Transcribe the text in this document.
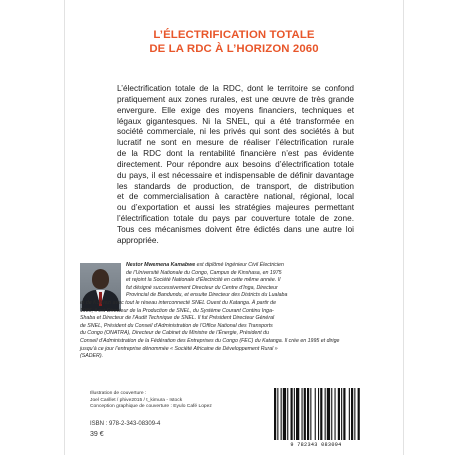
L’ÉLECTRIFICATION TOTALE
DE LA RDC À L’HORIZON 2060
L’électrification totale de la RDC, dont le territoire se confond
pratiquement aux zones rurales, est une œuvre de très grande
envergure. Elle exige des moyens financiers, techniques et
légaux gigantesques. Ni la SNEL, qui a été transformée en
société commerciale, ni les privés qui sont des sociétés à but
lucratif ne sont en mesure de réaliser l’électrification rurale
de la RDC dont la rentabilité financière n’est pas évidente
directement. Pour répondre aux besoins d’électrification totale
du pays, il est nécessaire et indispensable de définir davantage
les standards de production, de transport, de distribution
et de commercialisation à caractère national, régional, local
ou d’exportation et aussi les stratégies majeures permettant
l’électrification totale du pays par couverture totale de zone.
Tous ces mécanismes doivent être édictés dans une autre loi
appropriée.
Nestor Mwemena Kamabwe est diplômé Ingénieur Civil Électricien
de l’Université Nationale du Congo, Campus de Kinshasa, en 1975
et rejoint la Société Nationale d’Électricité en cette même année. Il
fut désigné successivement Directeur du Centre d’Inga, Directeur
Provincial de Bandundu, et ensuite Directeur des Districts du Lualaba
et de Kolwezi avec tout le réseau interconnecté SNEL Ouest du Katanga. À partir de
1986, il est Directeur de la Production de SNEL, du Système Courant Continu Inga-
Shaba et Directeur de l’Audit Technique de SNEL. Il fut Président Directeur Général
de SNEL, Président du Conseil d’Administration de l’Office National des Transports
du Congo (ONATRA), Directeur de Cabinet du Ministre de l’Énergie, Président du
Conseil d’Administration de la Fédération des Entreprises du Congo (FEC) du Katanga. Il crée en 1995 et dirige
jusqu’à ce jour l’entreprise dénommée « Société Africaine de Développement Rural »
(SADER).
Illustration de couverture :
Joel Carillet / phive2015 / t_kimura - Istock
Conception graphique de couverture : Eyulo Café Lopez
ISBN : 978-2-343-08309-4
39 €
9 782343 083094
